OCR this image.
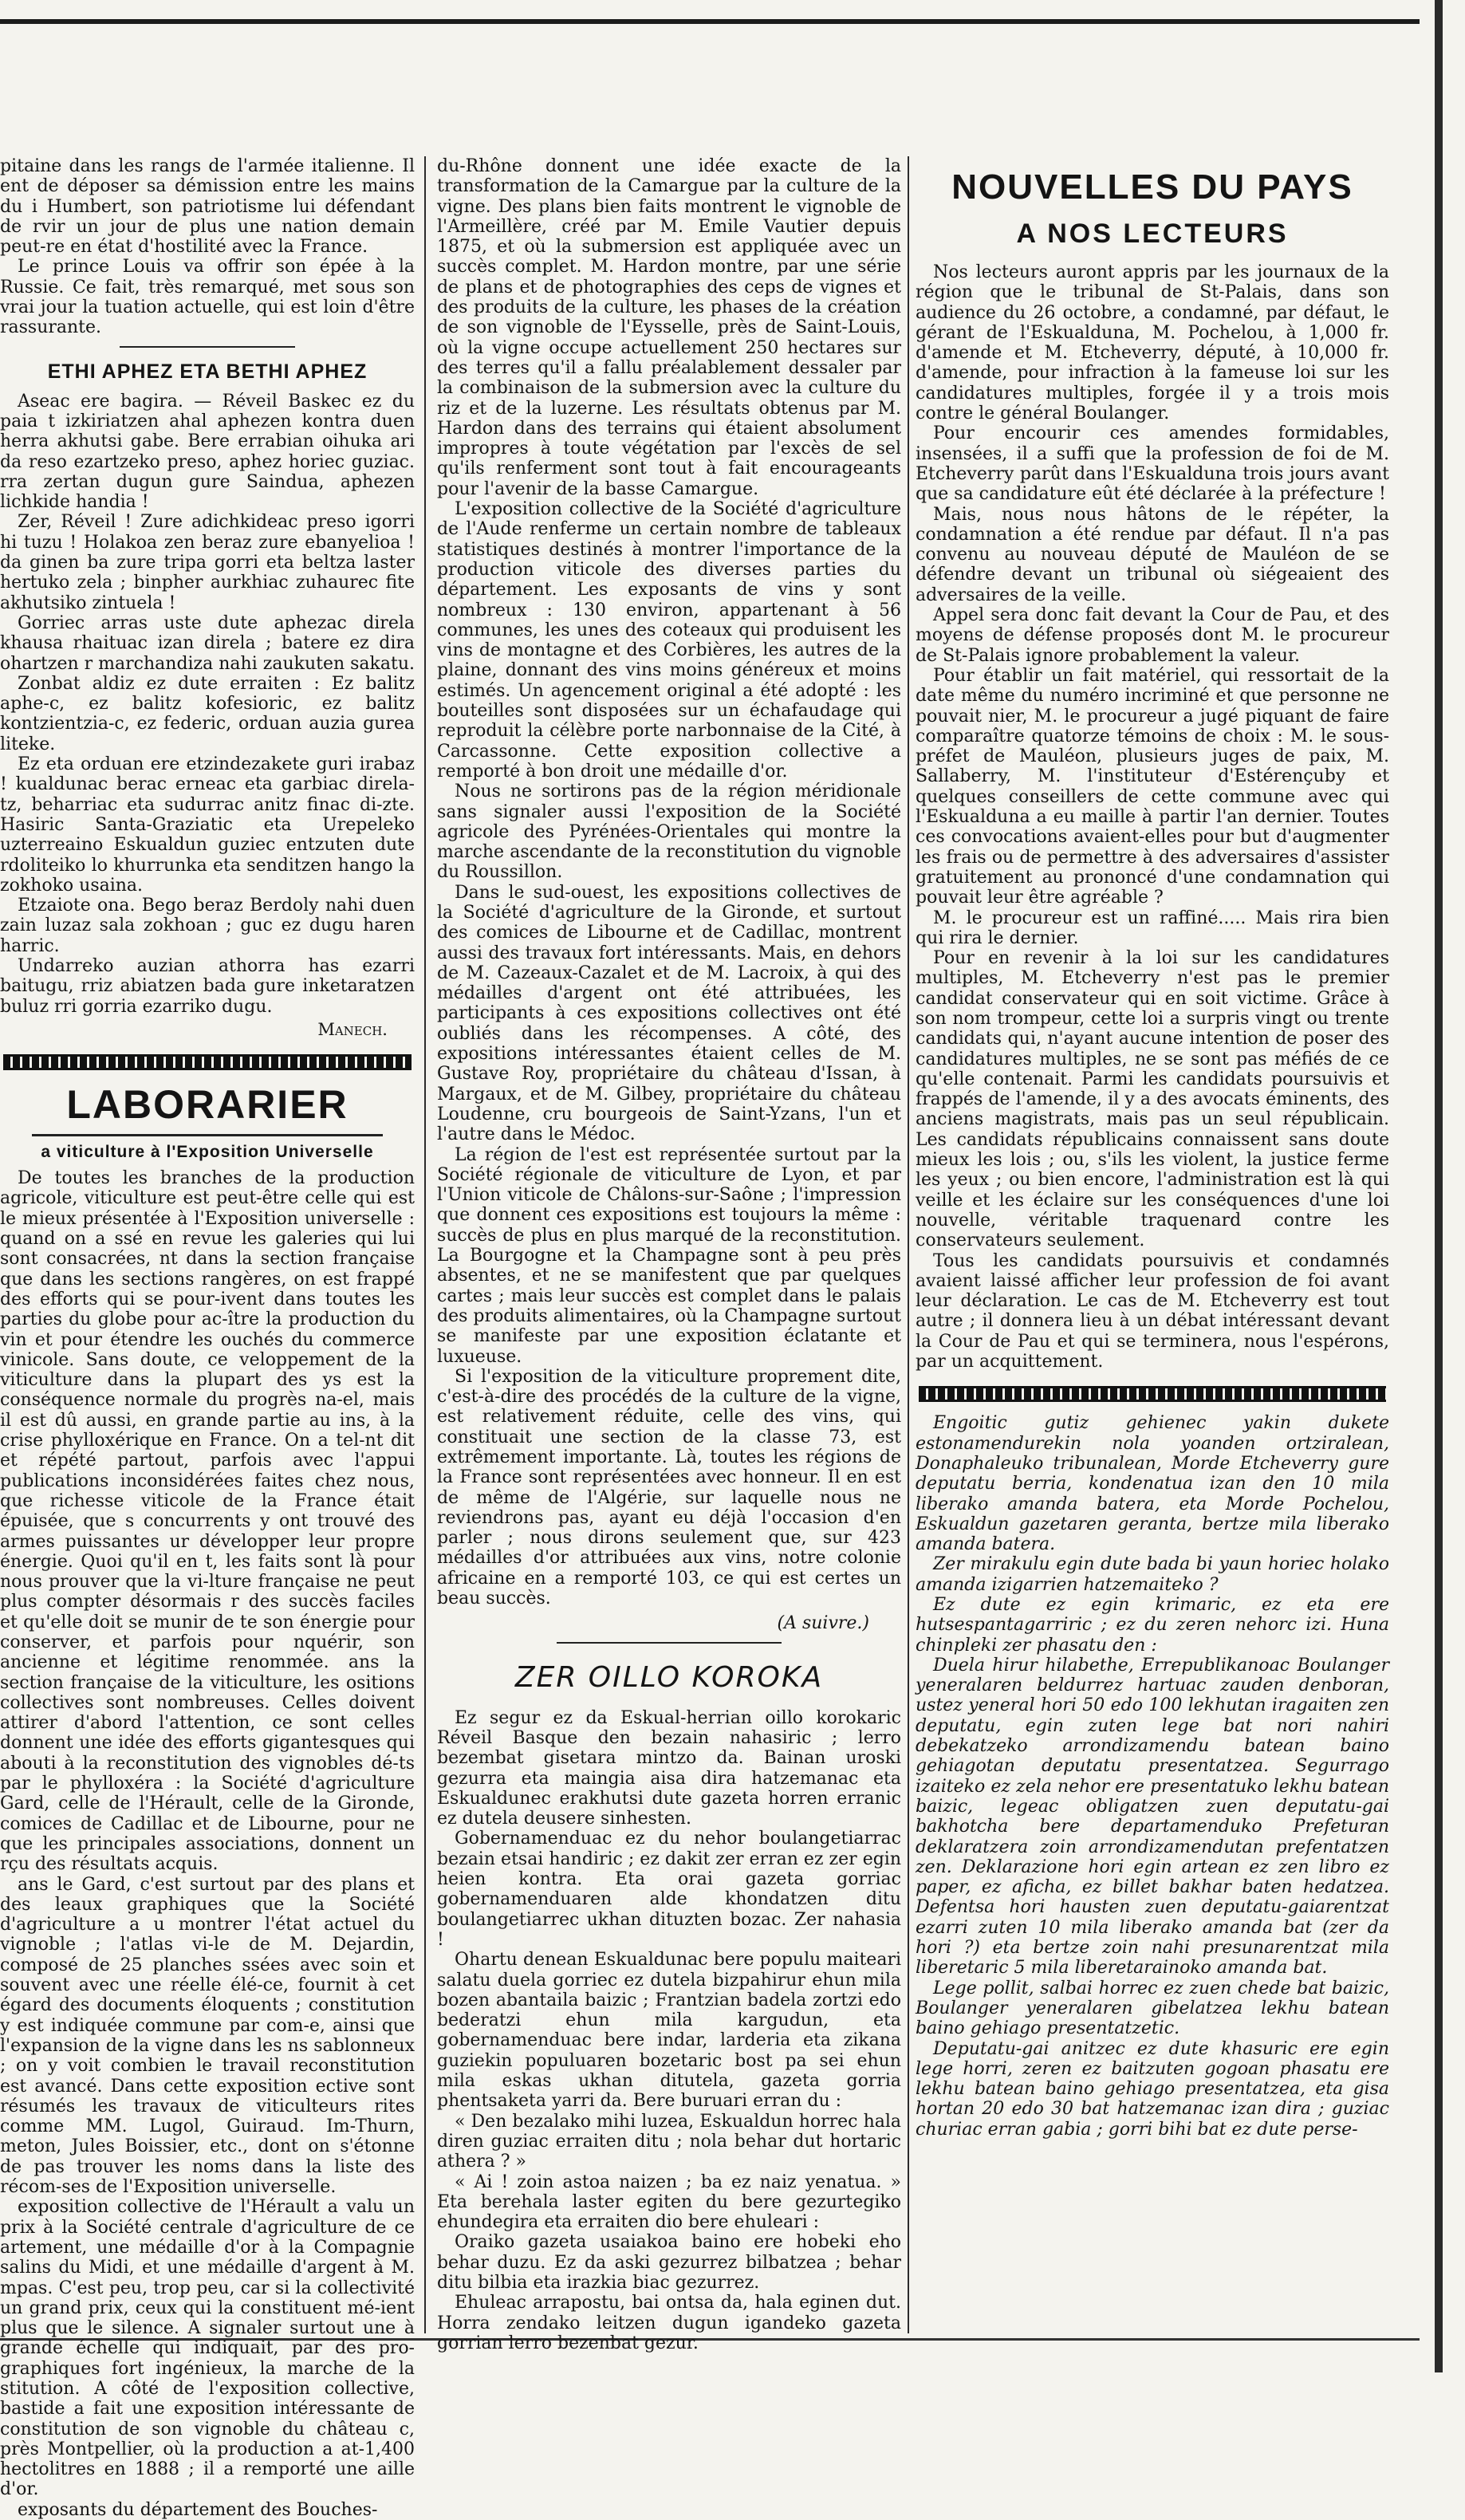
pitaine dans les rangs de l'armée italienne. Il ent de déposer sa démission entre les mains du i Humbert, son patriotisme lui défendant de rvir un jour de plus une nation demain peut-re en état d'hostilité avec la France.

Le prince Louis va offrir son épée à la Russie. Ce fait, très remarqué, met sous son vrai jour la tuation actuelle, qui est loin d'être rassurante.

ETHI APHEZ ETA BETHI APHEZ

Aseac ere bagira. — Réveil Baskec ez du paia t izkiriatzen ahal aphezen kontra duen herra akhutsi gabe. Bere errabian oihuka ari da reso ezartzeko preso, aphez horiec guziac. rra zertan dugun gure Saindua, aphezen lichkide handia !

Zer, Réveil ! Zure adichkideac preso igorri hi tuzu ! Holakoa zen beraz zure ebanyelioa ! da ginen ba zure tripa gorri eta beltza laster hertuko zela ; binpher aurkhiac zuhaurec fite akhutsiko zintuela !

Gorriec arras uste dute aphezac direla khausa rhaituac izan direla ; batere ez dira ohartzen r marchandiza nahi zaukuten sakatu.

Zonbat aldiz ez dute erraiten : Ez balitz aphe-c, ez balitz kofesioric, ez balitz kontzientzia-c, ez federic, orduan auzia gurea liteke.

Ez eta orduan ere etzindezakete guri irabaz ! kualdunac berac erneac eta garbiac direla-tz, beharriac eta sudurrac anitz finac di-zte. Hasiric Santa-Graziatic eta Urepeleko uzterreaino Eskualdun guziec entzuten dute rdoliteiko lo khurrunka eta senditzen hango la zokhoko usaina.

Etzaiote ona. Bego beraz Berdoly nahi duen zain luzaz sala zokhoan ; guc ez dugu haren harric.

Undarreko auzian athorra has ezarri baitugu, rriz abiatzen bada gure inketaratzen buluz rri gorria ezarriko dugu.

Manech.

LABORARIER
a viticulture à l'Exposition Universelle

De toutes les branches de la production agricole, viticulture est peut-être celle qui est le mieux présentée à l'Exposition universelle : quand on a ssé en revue les galeries qui lui sont consacrées, nt dans la section française que dans les sections rangères, on est frappé des efforts qui se pour-ivent dans toutes les parties du globe pour ac-ître la production du vin et pour étendre les ouchés du commerce vinicole. Sans doute, ce veloppement de la viticulture dans la plupart des ys est la conséquence normale du progrès na-el, mais il est dû aussi, en grande partie au ins, à la crise phylloxérique en France. On a tel-nt dit et répété partout, parfois avec l'appui publications inconsidérées faites chez nous, que richesse viticole de la France était épuisée, que s concurrents y ont trouvé des armes puissantes ur développer leur propre énergie. Quoi qu'il en t, les faits sont là pour nous prouver que la vi-lture française ne peut plus compter désormais r des succès faciles et qu'elle doit se munir de te son énergie pour conserver, et parfois pour nquérir, son ancienne et légitime renommée. ans la section française de la viticulture, les ositions collectives sont nombreuses. Celles doivent attirer d'abord l'attention, ce sont celles donnent une idée des efforts gigantesques qui abouti à la reconstitution des vignobles dé-ts par le phylloxéra : la Société d'agriculture Gard, celle de l'Hérault, celle de la Gironde, comices de Cadillac et de Libourne, pour ne que les principales associations, donnent un rçu des résultats acquis.

ans le Gard, c'est surtout par des plans et des leaux graphiques que la Société d'agriculture a u montrer l'état actuel du vignoble ; l'atlas vi-le de M. Dejardin, composé de 25 planches ssées avec soin et souvent avec une réelle élé-ce, fournit à cet égard des documents éloquents ; constitution y est indiquée commune par com-e, ainsi que l'expansion de la vigne dans les ns sablonneux ; on y voit combien le travail reconstitution est avancé. Dans cette exposition ective sont résumés les travaux de viticulteurs rites comme MM. Lugol, Guiraud. Im-Thurn, meton, Jules Boissier, etc., dont on s'étonne de pas trouver les noms dans la liste des récom-ses de l'Exposition universelle.

exposition collective de l'Hérault a valu un prix à la Société centrale d'agriculture de ce artement, une médaille d'or à la Compagnie salins du Midi, et une médaille d'argent à M. mpas. C'est peu, trop peu, car si la collectivité un grand prix, ceux qui la constituent mé-ient plus que le silence. A signaler surtout une à grande échelle qui indiquait, par des pro-graphiques fort ingénieux, la marche de la stitution. A côté de l'exposition collective, bastide a fait une exposition intéressante de constitution de son vignoble du château c, près Montpellier, où la production a at-1,400 hectolitres en 1888 ; il a remporté une aille d'or.

exposants du département des Bouches-

du-Rhône donnent une idée exacte de la transformation de la Camargue par la culture de la vigne. Des plans bien faits montrent le vignoble de l'Armeillère, créé par M. Emile Vautier depuis 1875, et où la submersion est appliquée avec un succès complet. M. Hardon montre, par une série de plans et de photographies des ceps de vignes et des produits de la culture, les phases de la création de son vignoble de l'Eysselle, près de Saint-Louis, où la vigne occupe actuellement 250 hectares sur des terres qu'il a fallu préalablement dessaler par la combinaison de la submersion avec la culture du riz et de la luzerne. Les résultats obtenus par M. Hardon dans des terrains qui étaient absolument impropres à toute végétation par l'excès de sel qu'ils renferment sont tout à fait encourageants pour l'avenir de la basse Camargue.

L'exposition collective de la Société d'agriculture de l'Aude renferme un certain nombre de tableaux statistiques destinés à montrer l'importance de la production viticole des diverses parties du département. Les exposants de vins y sont nombreux : 130 environ, appartenant à 56 communes, les unes des coteaux qui produisent les vins de montagne et des Corbières, les autres de la plaine, donnant des vins moins généreux et moins estimés. Un agencement original a été adopté : les bouteilles sont disposées sur un échafaudage qui reproduit la célèbre porte narbonnaise de la Cité, à Carcassonne. Cette exposition collective a remporté à bon droit une médaille d'or.

Nous ne sortirons pas de la région méridionale sans signaler aussi l'exposition de la Société agricole des Pyrénées-Orientales qui montre la marche ascendante de la reconstitution du vignoble du Roussillon.

Dans le sud-ouest, les expositions collectives de la Société d'agriculture de la Gironde, et surtout des comices de Libourne et de Cadillac, montrent aussi des travaux fort intéressants. Mais, en dehors de M. Cazeaux-Cazalet et de M. Lacroix, à qui des médailles d'argent ont été attribuées, les participants à ces expositions collectives ont été oubliés dans les récompenses. A côté, des expositions intéressantes étaient celles de M. Gustave Roy, propriétaire du château d'Issan, à Margaux, et de M. Gilbey, propriétaire du château Loudenne, cru bourgeois de Saint-Yzans, l'un et l'autre dans le Médoc.

La région de l'est est représentée surtout par la Société régionale de viticulture de Lyon, et par l'Union viticole de Châlons-sur-Saône ; l'impression que donnent ces expositions est toujours la même : succès de plus en plus marqué de la reconstitution. La Bourgogne et la Champagne sont à peu près absentes, et ne se manifestent que par quelques cartes ; mais leur succès est complet dans le palais des produits alimentaires, où la Champagne surtout se manifeste par une exposition éclatante et luxueuse.

Si l'exposition de la viticulture proprement dite, c'est-à-dire des procédés de la culture de la vigne, est relativement réduite, celle des vins, qui constituait une section de la classe 73, est extrêmement importante. Là, toutes les régions de la France sont représentées avec honneur. Il en est de même de l'Algérie, sur laquelle nous ne reviendrons pas, ayant eu déjà l'occasion d'en parler ; nous dirons seulement que, sur 423 médailles d'or attribuées aux vins, notre colonie africaine en a remporté 103, ce qui est certes un beau succès.

(A suivre.)

ZER OILLO KOROKA

Ez segur ez da Eskual-herrian oillo korokaric Réveil Basque den bezain nahasiric ; lerro bezembat gisetara mintzo da. Bainan uroski gezurra eta maingia aisa dira hatzemanac eta Eskualdunec erakhutsi dute gazeta horren erranic ez dutela deusere sinhesten.

Gobernamenduac ez du nehor boulangetiarrac bezain etsai handiric ; ez dakit zer erran ez zer egin heien kontra. Eta orai gazeta gorriac gobernamenduaren alde khondatzen ditu boulangetiarrec ukhan dituzten bozac. Zer nahasia !

Ohartu denean Eskualdunac bere populu maiteari salatu duela gorriec ez dutela bizpahirur ehun mila bozen abantaila baizic ; Frantzian badela zortzi edo bederatzi ehun mila kargudun, eta gobernamenduac bere indar, larderia eta zikana guziekin populuaren bozetaric bost pa sei ehun mila eskas ukhan ditutela, gazeta gorria phentsaketa yarri da. Bere buruari erran du :

« Den bezalako mihi luzea, Eskualdun horrec hala diren guziac erraiten ditu ; nola behar dut hortaric athera ? »

« Ai ! zoin astoa naizen ; ba ez naiz yenatua. » Eta berehala laster egiten du bere gezurtegiko ehundegira eta erraiten dio bere ehuleari :

Oraiko gazeta usaiakoa baino ere hobeki eho behar duzu. Ez da aski gezurrez bilbatzea ; behar ditu bilbia eta irazkia biac gezurrez.

Ehuleac arrapostu, bai ontsa da, hala eginen dut. Horra zendako leitzen dugun igandeko gazeta gorrian lerro bezenbat gezur.

NOUVELLES DU PAYS
A NOS LECTEURS

Nos lecteurs auront appris par les journaux de la région que le tribunal de St-Palais, dans son audience du 26 octobre, a condamné, par défaut, le gérant de l'Eskualduna, M. Pochelou, à 1,000 fr. d'amende et M. Etcheverry, député, à 10,000 fr. d'amende, pour infraction à la fameuse loi sur les candidatures multiples, forgée il y a trois mois contre le général Boulanger.

Pour encourir ces amendes formidables, insensées, il a suffi que la profession de foi de M. Etcheverry parût dans l'Eskualduna trois jours avant que sa candidature eût été déclarée à la préfecture !

Mais, nous nous hâtons de le répéter, la condamnation a été rendue par défaut. Il n'a pas convenu au nouveau député de Mauléon de se défendre devant un tribunal où siégeaient des adversaires de la veille.

Appel sera donc fait devant la Cour de Pau, et des moyens de défense proposés dont M. le procureur de St-Palais ignore probablement la valeur.

Pour établir un fait matériel, qui ressortait de la date même du numéro incriminé et que personne ne pouvait nier, M. le procureur a jugé piquant de faire comparaître quatorze témoins de choix : M. le sous-préfet de Mauléon, plusieurs juges de paix, M. Sallaberry, M. l'instituteur d'Estérençuby et quelques conseillers de cette commune avec qui l'Eskualduna a eu maille à partir l'an dernier. Toutes ces convocations avaient-elles pour but d'augmenter les frais ou de permettre à des adversaires d'assister gratuitement au prononcé d'une condamnation qui pouvait leur être agréable ?

M. le procureur est un raffiné..... Mais rira bien qui rira le dernier.

Pour en revenir à la loi sur les candidatures multiples, M. Etcheverry n'est pas le premier candidat conservateur qui en soit victime. Grâce à son nom trompeur, cette loi a surpris vingt ou trente candidats qui, n'ayant aucune intention de poser des candidatures multiples, ne se sont pas méfiés de ce qu'elle contenait. Parmi les candidats poursuivis et frappés de l'amende, il y a des avocats éminents, des anciens magistrats, mais pas un seul républicain. Les candidats républicains connaissent sans doute mieux les lois ; ou, s'ils les violent, la justice ferme les yeux ; ou bien encore, l'administration est là qui veille et les éclaire sur les conséquences d'une loi nouvelle, véritable traquenard contre les conservateurs seulement.

Tous les candidats poursuivis et condamnés avaient laissé afficher leur profession de foi avant leur déclaration. Le cas de M. Etcheverry est tout autre ; il donnera lieu à un débat intéressant devant la Cour de Pau et qui se terminera, nous l'espérons, par un acquittement.

Engoitic gutiz gehienec yakin dukete estonamendurekin nola yoanden ortziralean, Donaphaleuko tribunalean, Morde Etcheverry gure deputatu berria, kondenatua izan den 10 mila liberako amanda batera, eta Morde Pochelou, Eskualdun gazetaren geranta, bertze mila liberako amanda batera.

Zer mirakulu egin dute bada bi yaun horiec holako amanda izigarrien hatzemaiteko ?

Ez dute ez egin krimaric, ez eta ere hutsespantagarriric ; ez du zeren nehorc izi. Huna chinpleki zer phasatu den :

Duela hirur hilabethe, Errepublikanoac Boulanger yeneralaren beldurrez hartuac zauden denboran, ustez yeneral hori 50 edo 100 lekhutan iragaiten zen deputatu, egin zuten lege bat nori nahiri debekatzeko arrondizamendu batean baino gehiagotan deputatu presentatzea. Segurrago izaiteko ez zela nehor ere presentatuko lekhu batean baizic, legeac obligatzen zuen deputatu-gai bakhotcha bere departamenduko Prefeturan deklaratzera zoin arrondizamendutan prefentatzen zen. Deklarazione hori egin artean ez zen libro ez paper, ez aficha, ez billet bakhar baten hedatzea. Defentsa hori hausten zuen deputatu-gaiarentzat ezarri zuten 10 mila liberako amanda bat (zer da hori ?) eta bertze zoin nahi presunarentzat mila liberetaric 5 mila liberetarainoko amanda bat.

Lege pollit, salbai horrec ez zuen chede bat baizic, Boulanger yeneralaren gibelatzea lekhu batean baino gehiago presentatzetic.

Deputatu-gai anitzec ez dute khasuric ere egin lege horri, zeren ez baitzuten gogoan phasatu ere lekhu batean baino gehiago presentatzea, eta gisa hortan 20 edo 30 bat hatzemanac izan dira ; guziac churiac erran gabia ; gorri bihi bat ez dute perse-
